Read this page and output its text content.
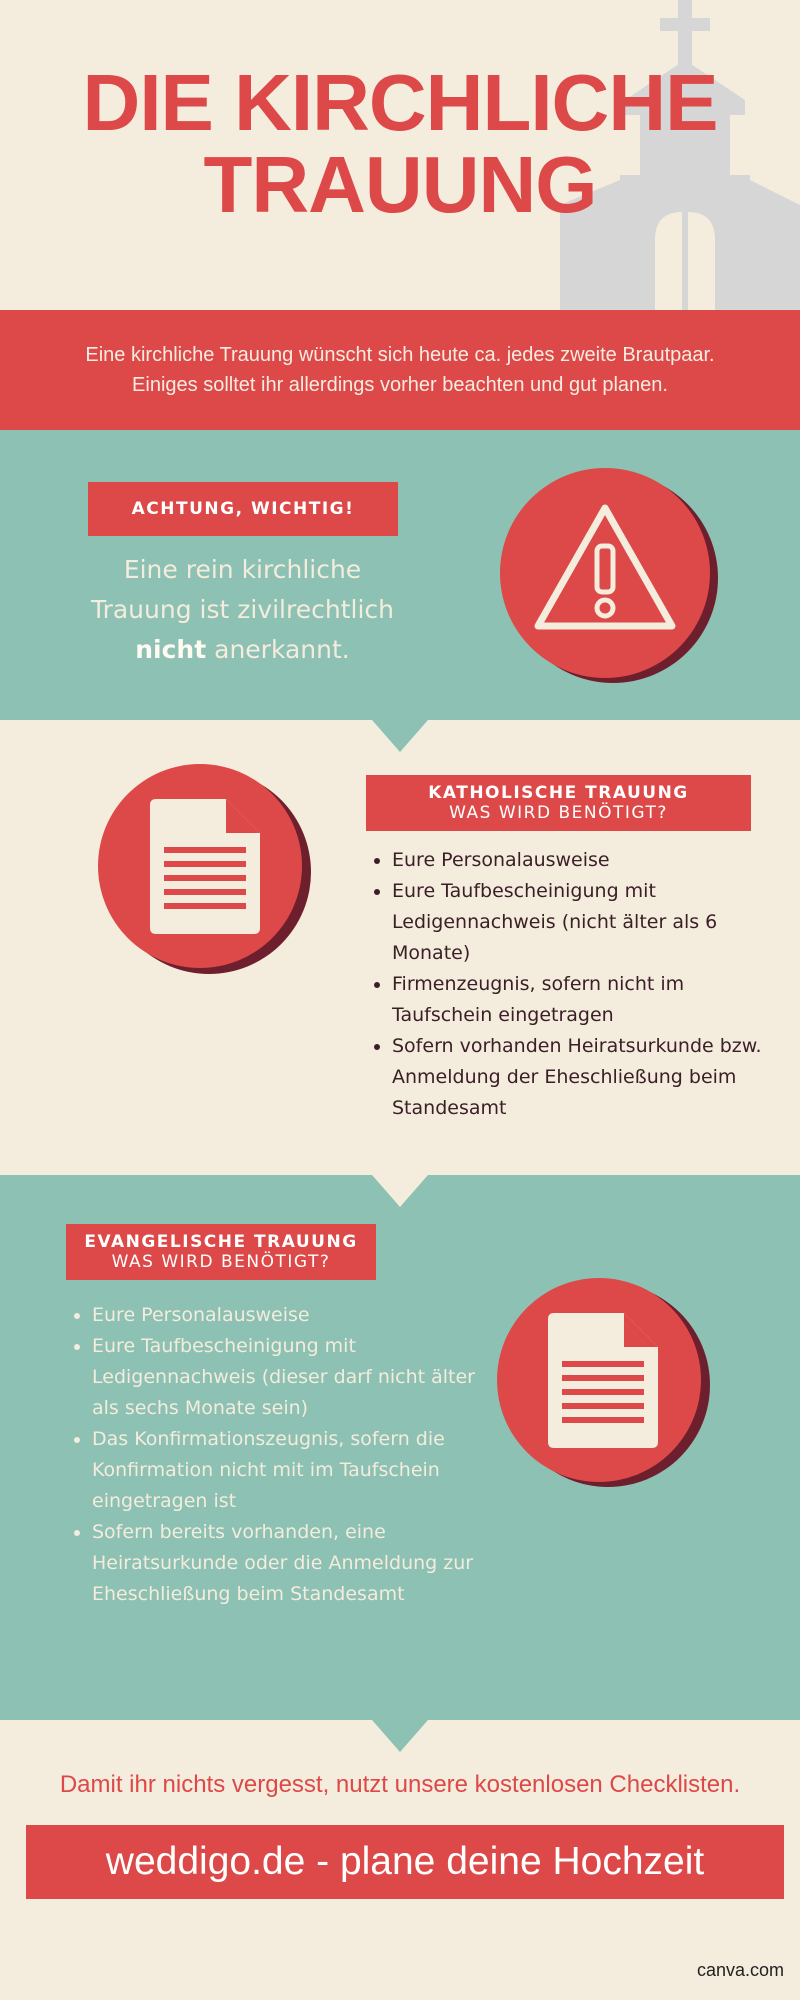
DIE KIRCHLICHE
TRAUUNG
Eine kirchliche Trauung wünscht sich heute ca. jedes zweite Brautpaar.
Einiges solltet ihr allerdings vorher beachten und gut planen.
ACHTUNG, WICHTIG!
Eine rein kirchliche Trauung ist zivilrechtlich nicht anerkannt.
KATHOLISCHE TRAUUNG
WAS WIRD BENÖTIGT?
• Eure Personalausweise
• Eure Taufbescheinigung mit Ledigennachweis (nicht älter als 6 Monate)
• Firmenzeugnis, sofern nicht im Taufschein eingetragen
• Sofern vorhanden Heiratsurkunde bzw. Anmeldung der Eheschließung beim Standesamt
EVANGELISCHE TRAUUNG
WAS WIRD BENÖTIGT?
• Eure Personalausweise
• Eure Taufbescheinigung mit Ledigennachweis (dieser darf nicht älter als sechs Monate sein)
• Das Konfirmationszeugnis, sofern die Konfirmation nicht mit im Taufschein eingetragen ist
• Sofern bereits vorhanden, eine Heiratsurkunde oder die Anmeldung zur Eheschließung beim Standesamt
Damit ihr nichts vergesst, nutzt unsere kostenlosen Checklisten.
weddigo.de - plane deine Hochzeit
canva.com
